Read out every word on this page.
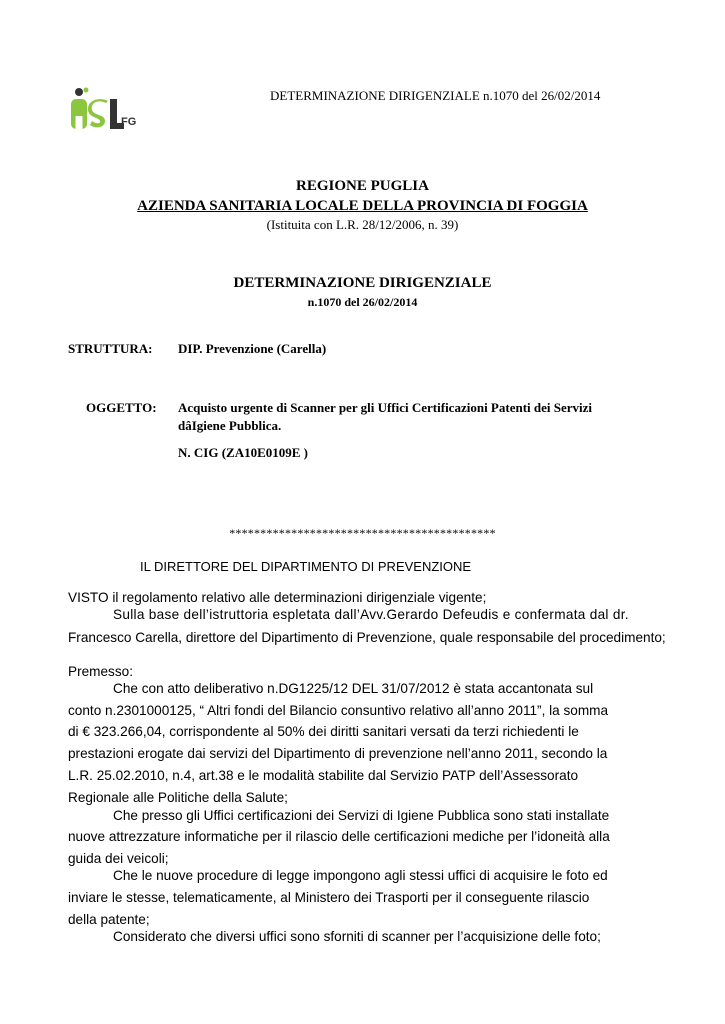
FG
DETERMINAZIONE DIRIGENZIALE n.1070 del 26/02/2014
REGIONE PUGLIA
AZIENDA SANITARIA LOCALE DELLA PROVINCIA DI FOGGIA
(Istituita con L.R. 28/12/2006, n. 39)
DETERMINAZIONE DIRIGENZIALE
n.1070 del 26/02/2014
STRUTTURA: DIP. Prevenzione (Carella)
OGGETTO: Acquisto urgente di Scanner per gli Uffici Certificazioni Patenti dei Servizi
dâIgiene Pubblica.
N. CIG (ZA10E0109E )
*******************************************
IL DIRETTORE DEL DIPARTIMENTO DI PREVENZIONE
VISTO il regolamento relativo alle determinazioni dirigenziale vigente;
Sulla base dell’istruttoria espletata dall’Avv.Gerardo Defeudis e confermata dal dr.
Francesco Carella, direttore del Dipartimento di Prevenzione, quale responsabile del procedimento;
Premesso:
Che con atto deliberativo n.DG1225/12 DEL 31/07/2012 è stata accantonata sul
conto n.2301000125, “ Altri fondi del Bilancio consuntivo relativo all’anno 2011”, la somma
di € 323.266,04, corrispondente al 50% dei diritti sanitari versati da terzi richiedenti le
prestazioni erogate dai servizi del Dipartimento di prevenzione nell’anno 2011, secondo la
L.R. 25.02.2010, n.4, art.38 e le modalità stabilite dal Servizio PATP dell’Assessorato
Regionale alle Politiche della Salute;
Che presso gli Uffici certificazioni dei Servizi di Igiene Pubblica sono stati installate
nuove attrezzature informatiche per il rilascio delle certificazioni mediche per l’idoneità alla
guida dei veicoli;
Che le nuove procedure di legge impongono agli stessi uffici di acquisire le foto ed
inviare le stesse, telematicamente, al Ministero dei Trasporti per il conseguente rilascio
della patente;
Considerato che diversi uffici sono sforniti di scanner per l’acquisizione delle foto;
